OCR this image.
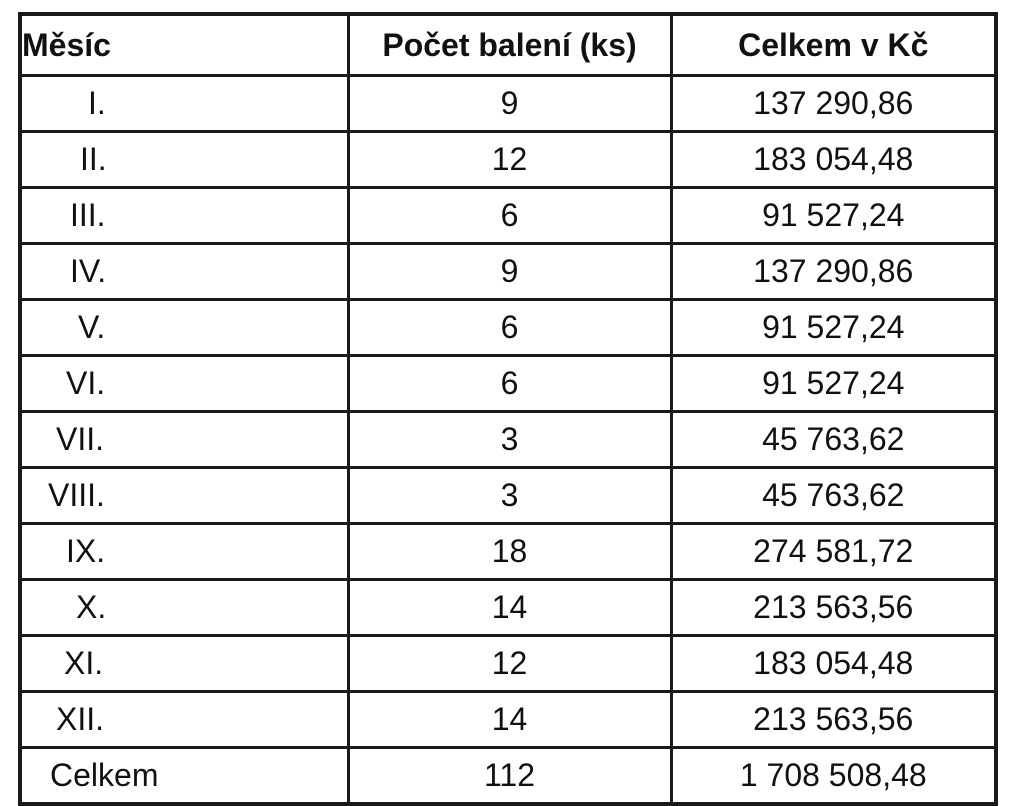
Měsíc	Počet balení (ks)	Celkem v Kč
I.	9	137 290,86
II.	12	183 054,48
III.	6	91 527,24
IV.	9	137 290,86
V.	6	91 527,24
VI.	6	91 527,24
VII.	3	45 763,62
VIII.	3	45 763,62
IX.	18	274 581,72
X.	14	213 563,56
XI.	12	183 054,48
XII.	14	213 563,56
Celkem	112	1 708 508,48
